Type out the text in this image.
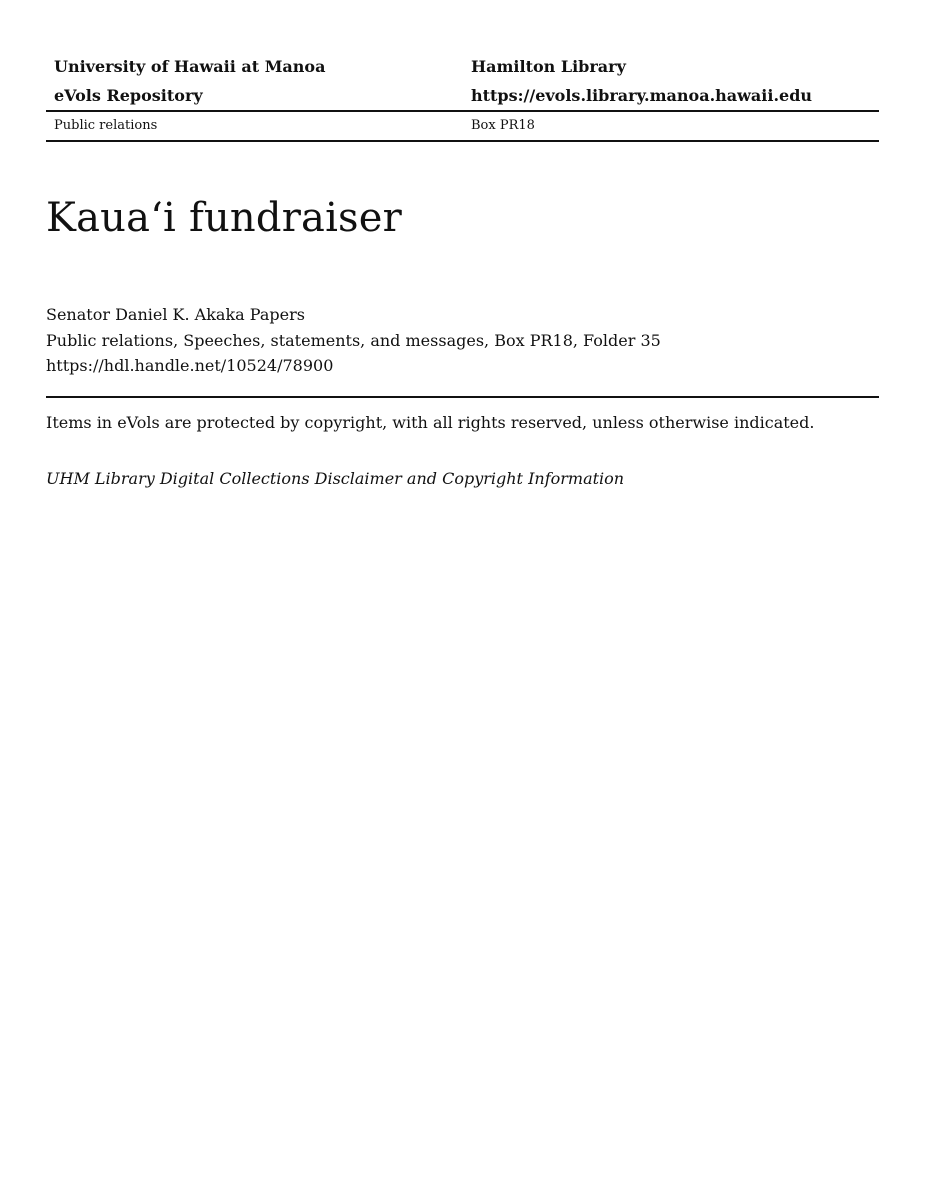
University of Hawaii at Manoa	Hamilton Library
eVols Repository	https://evols.library.manoa.hawaii.edu
Public relations	Box PR18
Kauaʻi fundraiser
Senator Daniel K. Akaka Papers
Public relations, Speeches, statements, and messages, Box PR18, Folder 35
https://hdl.handle.net/10524/78900
Items in eVols are protected by copyright, with all rights reserved, unless otherwise indicated.
UHM Library Digital Collections Disclaimer and Copyright Information
